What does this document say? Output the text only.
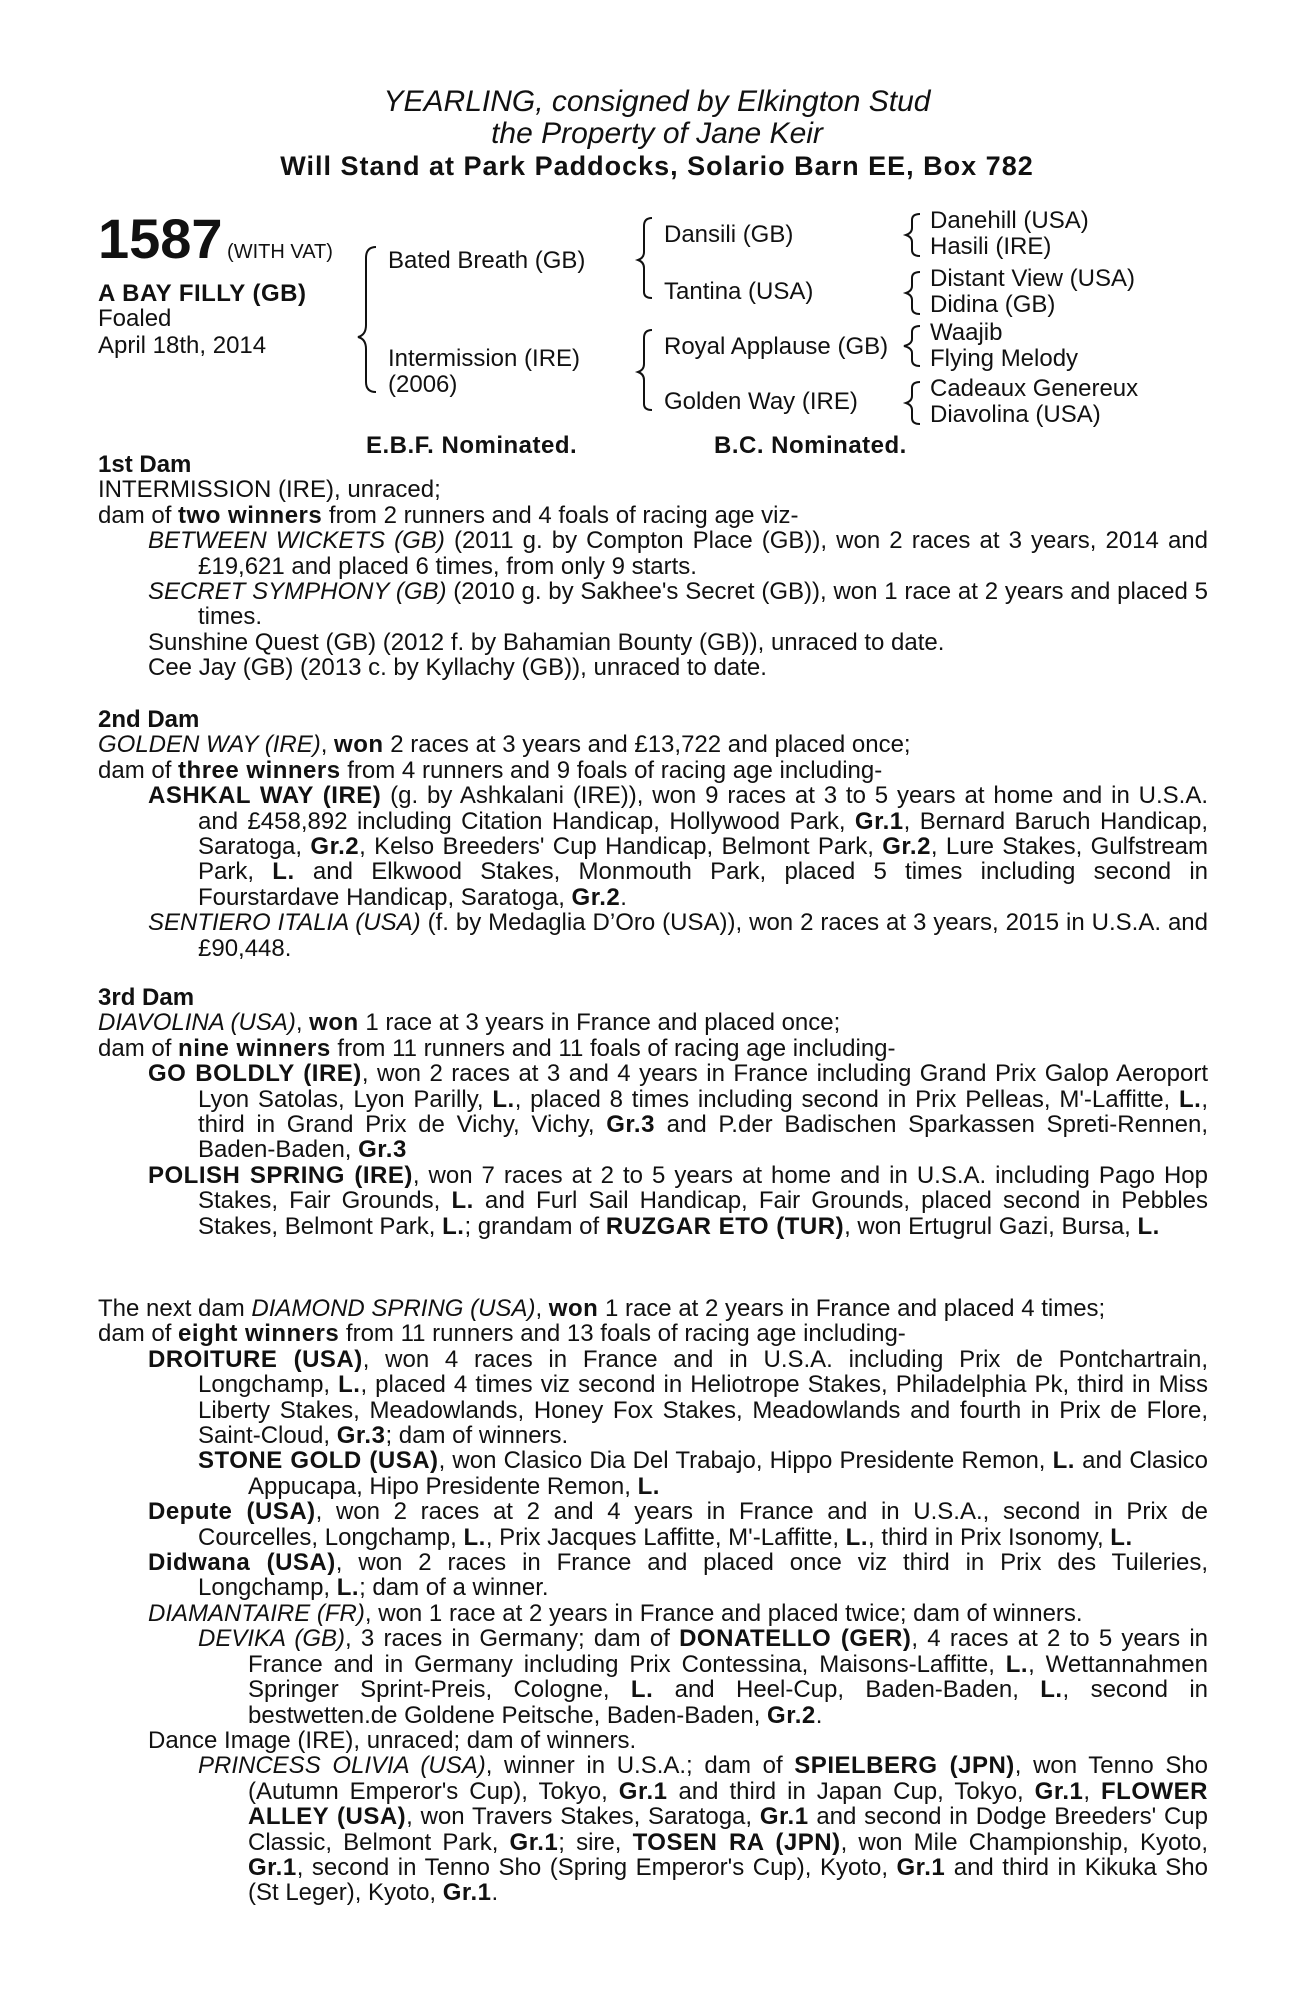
YEARLING, consigned by Elkington Stud
the Property of Jane Keir
Will Stand at Park Paddocks, Solario Barn EE, Box 782
1587 (WITH VAT)
A BAY FILLY (GB)
Foaled
April 18th, 2014
Bated Breath (GB)
Intermission (IRE)
(2006)
Dansili (GB)
Tantina (USA)
Royal Applause (GB)
Golden Way (IRE)
Danehill (USA)
Hasili (IRE)
Distant View (USA)
Didina (GB)
Waajib
Flying Melody
Cadeaux Genereux
Diavolina (USA)
E.B.F. Nominated.	B.C. Nominated.

1st Dam

INTERMISSION (IRE), unraced;

dam of two winners from 2 runners and 4 foals of racing age viz-

BETWEEN WICKETS (GB) (2011 g. by Compton Place (GB)), won 2 races at 3 years, 2014 and £19,621 and placed 6 times, from only 9 starts.

SECRET SYMPHONY (GB) (2010 g. by Sakhee's Secret (GB)), won 1 race at 2 years and placed 5 times.

Sunshine Quest (GB) (2012 f. by Bahamian Bounty (GB)), unraced to date.

Cee Jay (GB) (2013 c. by Kyllachy (GB)), unraced to date.

2nd Dam

GOLDEN WAY (IRE), won 2 races at 3 years and £13,722 and placed once;

dam of three winners from 4 runners and 9 foals of racing age including-

ASHKAL WAY (IRE) (g. by Ashkalani (IRE)), won 9 races at 3 to 5 years at home and in U.S.A. and £458,892 including Citation Handicap, Hollywood Park, Gr.1, Bernard Baruch Handicap, Saratoga, Gr.2, Kelso Breeders' Cup Handicap, Belmont Park, Gr.2, Lure Stakes, Gulfstream Park, L. and Elkwood Stakes, Monmouth Park, placed 5 times including second in Fourstardave Handicap, Saratoga, Gr.2.

SENTIERO ITALIA (USA) (f. by Medaglia D’Oro (USA)), won 2 races at 3 years, 2015 in U.S.A. and £90,448.

3rd Dam

DIAVOLINA (USA), won 1 race at 3 years in France and placed once;

dam of nine winners from 11 runners and 11 foals of racing age including-

GO BOLDLY (IRE), won 2 races at 3 and 4 years in France including Grand Prix Galop Aeroport Lyon Satolas, Lyon Parilly, L., placed 8 times including second in Prix Pelleas, M'-Laffitte, L., third in Grand Prix de Vichy, Vichy, Gr.3 and P.der Badischen Sparkassen Spreti-Rennen, Baden-Baden, Gr.3

POLISH SPRING (IRE), won 7 races at 2 to 5 years at home and in U.S.A. including Pago Hop Stakes, Fair Grounds, L. and Furl Sail Handicap, Fair Grounds, placed second in Pebbles Stakes, Belmont Park, L.; grandam of RUZGAR ETO (TUR), won Ertugrul Gazi, Bursa, L.

The next dam DIAMOND SPRING (USA), won 1 race at 2 years in France and placed 4 times;

dam of eight winners from 11 runners and 13 foals of racing age including-

DROITURE (USA), won 4 races in France and in U.S.A. including Prix de Pontchartrain, Longchamp, L., placed 4 times viz second in Heliotrope Stakes, Philadelphia Pk, third in Miss Liberty Stakes, Meadowlands, Honey Fox Stakes, Meadowlands and fourth in Prix de Flore, Saint-Cloud, Gr.3; dam of winners.

STONE GOLD (USA), won Clasico Dia Del Trabajo, Hippo Presidente Remon, L. and Clasico Appucapa, Hipo Presidente Remon, L.

Depute (USA), won 2 races at 2 and 4 years in France and in U.S.A., second in Prix de Courcelles, Longchamp, L., Prix Jacques Laffitte, M'-Laffitte, L., third in Prix Isonomy, L.

Didwana (USA), won 2 races in France and placed once viz third in Prix des Tuileries, Longchamp, L.; dam of a winner.

DIAMANTAIRE (FR), won 1 race at 2 years in France and placed twice; dam of winners.

DEVIKA (GB), 3 races in Germany; dam of DONATELLO (GER), 4 races at 2 to 5 years in France and in Germany including Prix Contessina, Maisons-Laffitte, L., Wettannahmen Springer Sprint-Preis, Cologne, L. and Heel-Cup, Baden-Baden, L., second in bestwetten.de Goldene Peitsche, Baden-Baden, Gr.2.

Dance Image (IRE), unraced; dam of winners.

PRINCESS OLIVIA (USA), winner in U.S.A.; dam of SPIELBERG (JPN), won Tenno Sho (Autumn Emperor's Cup), Tokyo, Gr.1 and third in Japan Cup, Tokyo, Gr.1, FLOWER ALLEY (USA), won Travers Stakes, Saratoga, Gr.1 and second in Dodge Breeders' Cup Classic, Belmont Park, Gr.1; sire, TOSEN RA (JPN), won Mile Championship, Kyoto, Gr.1, second in Tenno Sho (Spring Emperor's Cup), Kyoto, Gr.1 and third in Kikuka Sho (St Leger), Kyoto, Gr.1.
